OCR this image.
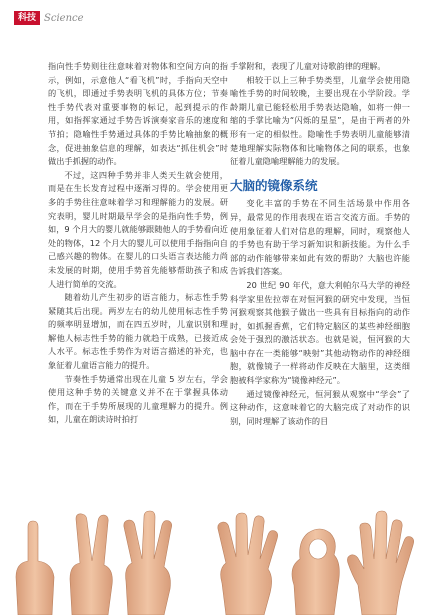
科技 Science

指向性手势则往往意味着对物体和空间方向的指示，例如，示意他人“看飞机”时，手指向天空中的飞机，即通过手势表明飞机的具体方位；节奏性手势代表对重要事物的标记，起到提示的作用，如指挥家通过手势告诉演奏家音乐的速度和节拍；隐喻性手势通过具体的手势比喻抽象的概念，促进抽象信息的理解，如表达“抓住机会”时做出手抓握的动作。

不过，这四种手势并非人类天生就会使用，而是在生长发育过程中逐渐习得的。学会使用更多的手势往往意味着学习和理解能力的发展。研究表明，婴儿时期最早学会的是指向性手势，例如，9 个月大的婴儿就能够跟随他人的手势看向近处的物体，12 个月大的婴儿可以使用手指指向自己感兴趣的物体。在婴儿的口头语言表达能力尚未发展的时期，使用手势首先能够帮助孩子和成人进行简单的交流。

随着幼儿产生初步的语言能力，标志性手势紧随其后出现。两岁左右的幼儿使用标志性手势的频率明显增加，而在四五岁时，儿童识别和理解他人标志性手势的能力就趋于成熟，已接近成人水平。标志性手势作为对语言描述的补充，也象征着儿童语言能力的提升。

节奏性手势通常出现在儿童 5 岁左右，学会使用这种手势的关键意义并不在于掌握具体动作，而在于手势所展现的儿童理解力的提升。例如，儿童在朗读诗时拍打

手掌附和，表现了儿童对诗歌韵律的理解。

相较于以上三种手势类型，儿童学会使用隐喻性手势的时间较晚，主要出现在小学阶段。学龄期儿童已能轻松用手势表达隐喻，如将一伸一缩的手掌比喻为“闪烁的星星”，是由于两者的外形有一定的相似性。隐喻性手势表明儿童能够清楚地理解实际物体和比喻物体之间的联系，也象征着儿童隐喻理解能力的发展。

大脑的镜像系统

变化丰富的手势在不同生活场景中作用各异，最常见的作用表现在语言交流方面。手势的使用象征着人们对信息的理解，同时，观察他人的手势也有助于学习新知识和新技能。为什么手部的动作能够带来如此有效的帮助？大脑也许能告诉我们答案。

20 世纪 90 年代，意大利帕尔马大学的神经科学家里佐拉蒂在对恒河猴的研究中发现，当恒河猴观察其他猴子做出一些具有目标指向的动作时，如抓握香蕉，它们特定脑区的某些神经细胞会处于强烈的激活状态。也就是说，恒河猴的大脑中存在一类能够“映射”其他动物动作的神经细胞，就像镜子一样将动作反映在大脑里，这类细胞被科学家称为“镜像神经元”。

通过镜像神经元，恒河猴从观察中“学会”了这种动作，这意味着它的大脑完成了对动作的识别，同时理解了该动作的目
